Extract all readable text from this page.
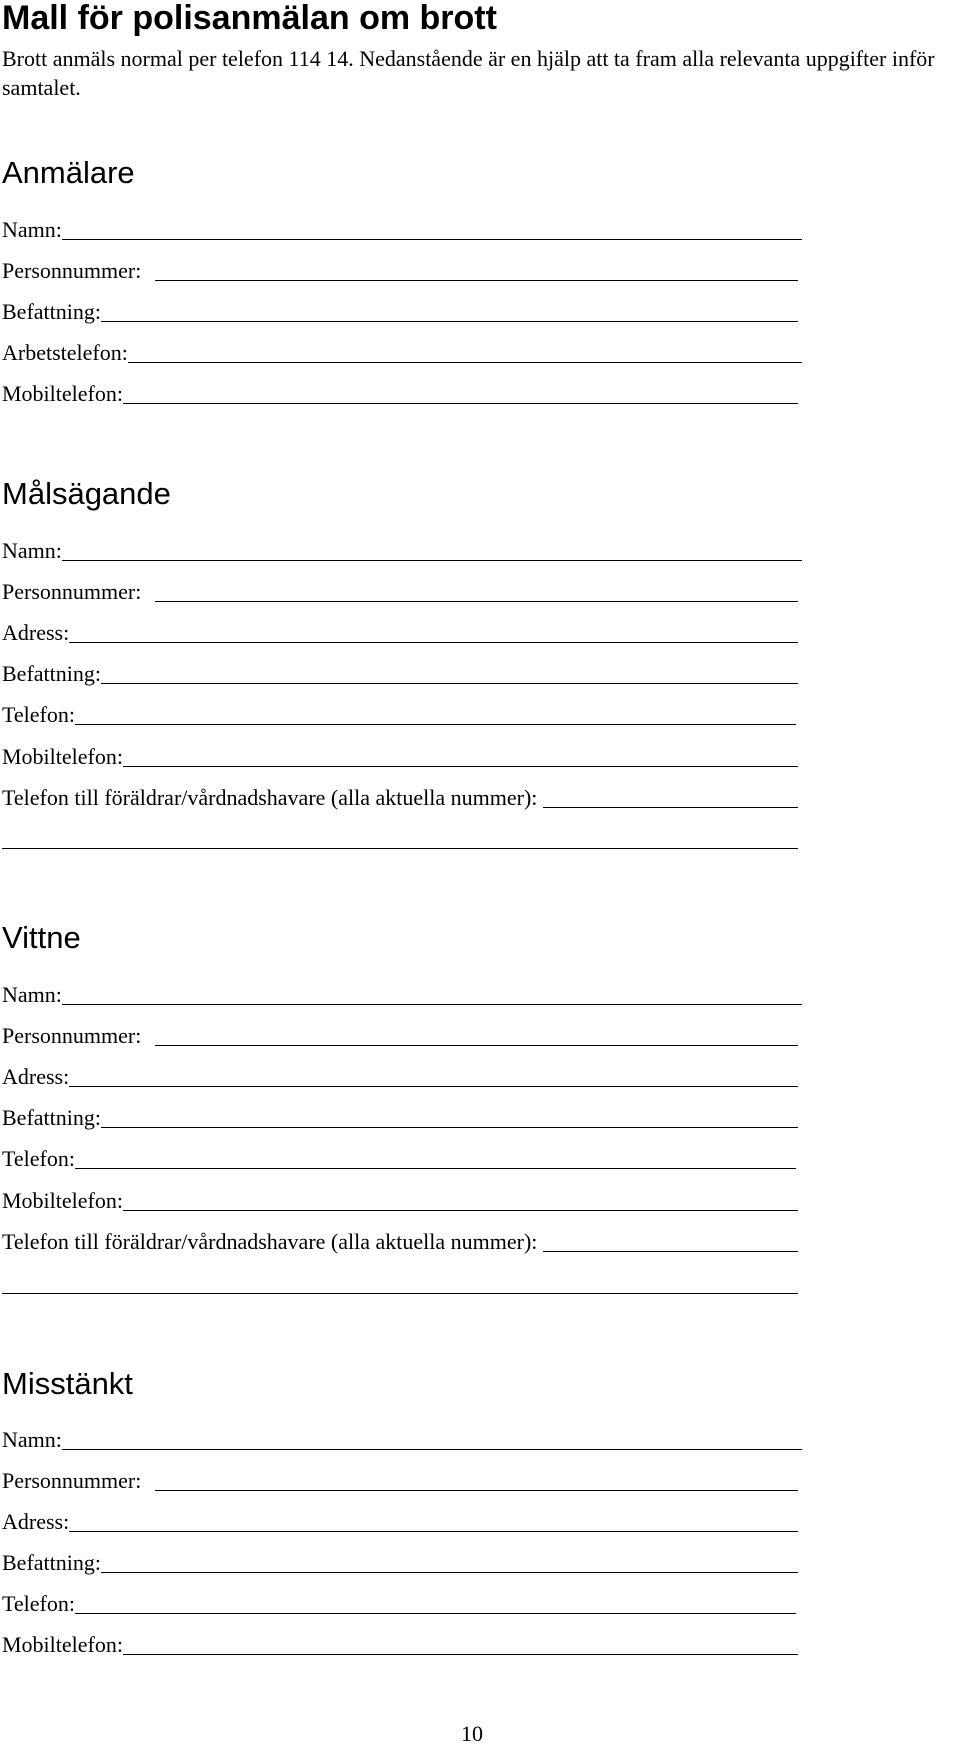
Mall för polisanmälan om brott

Brott anmäls normal per telefon 114 14. Nedanstående är en hjälp att ta fram alla relevanta uppgifter inför samtalet.

Anmälare
Namn:
Personnummer:
Befattning:
Arbetstelefon:
Mobiltelefon:
Målsägande
Namn:
Personnummer:
Adress:
Befattning:
Telefon:
Mobiltelefon:
Telefon till föräldrar/vårdnadshavare (alla aktuella nummer):
Vittne
Namn:
Personnummer:
Adress:
Befattning:
Telefon:
Mobiltelefon:
Telefon till föräldrar/vårdnadshavare (alla aktuella nummer):
Misstänkt
Namn:
Personnummer:
Adress:
Befattning:
Telefon:
Mobiltelefon:
10
